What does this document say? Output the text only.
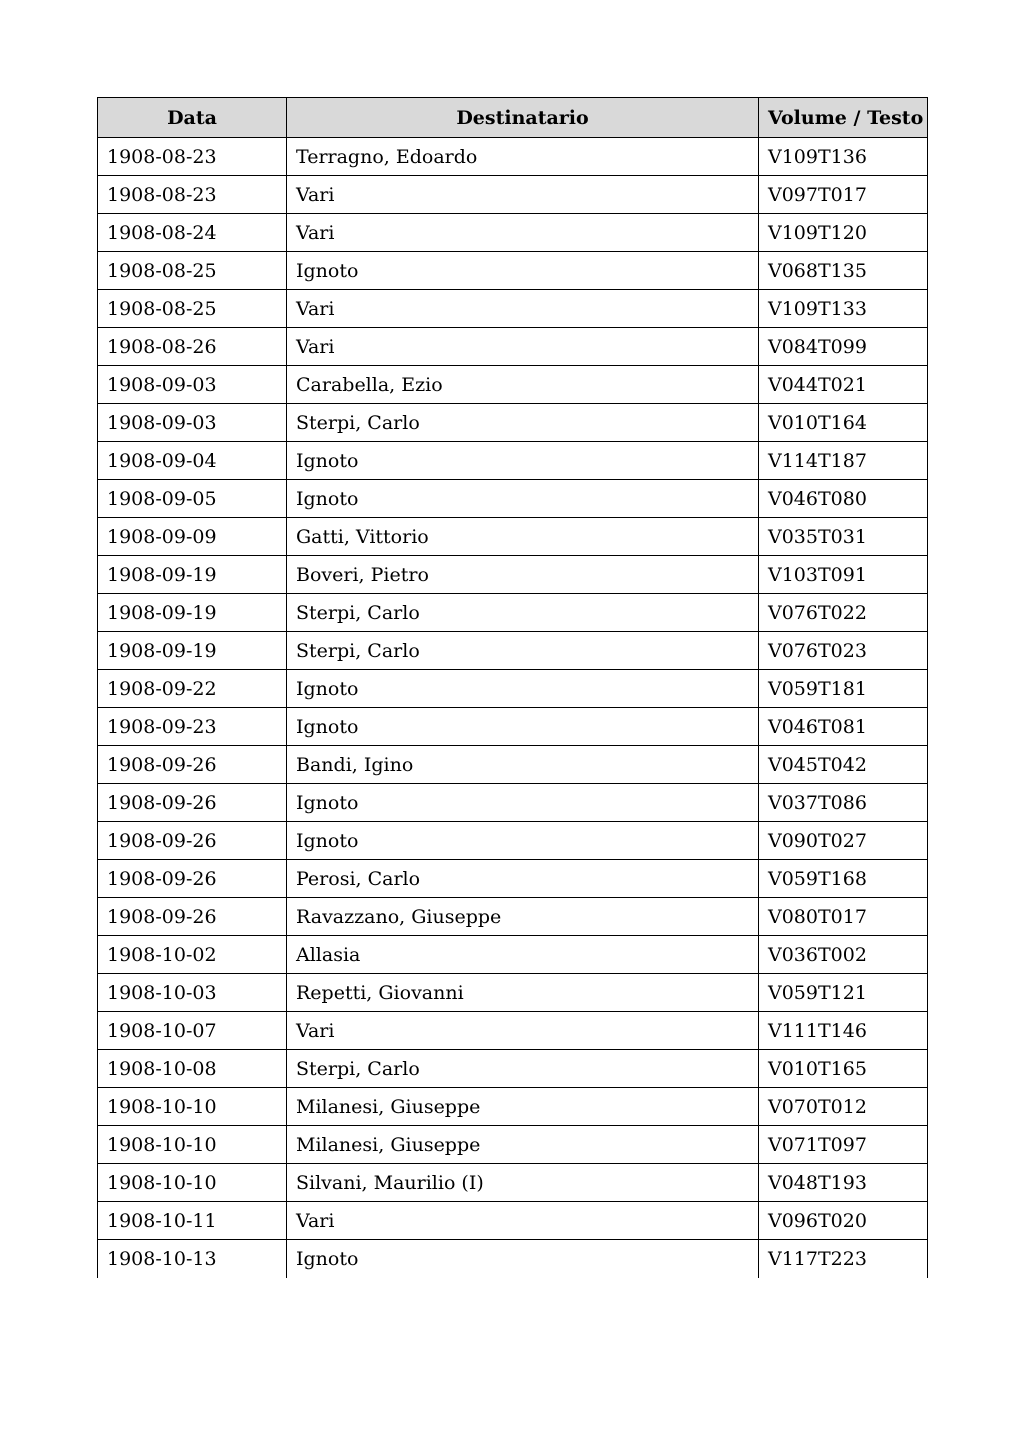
Data	Destinatario	Volume / Testo
1908-08-23	Terragno, Edoardo	V109T136
1908-08-23	Vari	V097T017
1908-08-24	Vari	V109T120
1908-08-25	Ignoto	V068T135
1908-08-25	Vari	V109T133
1908-08-26	Vari	V084T099
1908-09-03	Carabella, Ezio	V044T021
1908-09-03	Sterpi, Carlo	V010T164
1908-09-04	Ignoto	V114T187
1908-09-05	Ignoto	V046T080
1908-09-09	Gatti, Vittorio	V035T031
1908-09-19	Boveri, Pietro	V103T091
1908-09-19	Sterpi, Carlo	V076T022
1908-09-19	Sterpi, Carlo	V076T023
1908-09-22	Ignoto	V059T181
1908-09-23	Ignoto	V046T081
1908-09-26	Bandi, Igino	V045T042
1908-09-26	Ignoto	V037T086
1908-09-26	Ignoto	V090T027
1908-09-26	Perosi, Carlo	V059T168
1908-09-26	Ravazzano, Giuseppe	V080T017
1908-10-02	Allasia	V036T002
1908-10-03	Repetti, Giovanni	V059T121
1908-10-07	Vari	V111T146
1908-10-08	Sterpi, Carlo	V010T165
1908-10-10	Milanesi, Giuseppe	V070T012
1908-10-10	Milanesi, Giuseppe	V071T097
1908-10-10	Silvani, Maurilio (I)	V048T193
1908-10-11	Vari	V096T020
1908-10-13	Ignoto	V117T223
